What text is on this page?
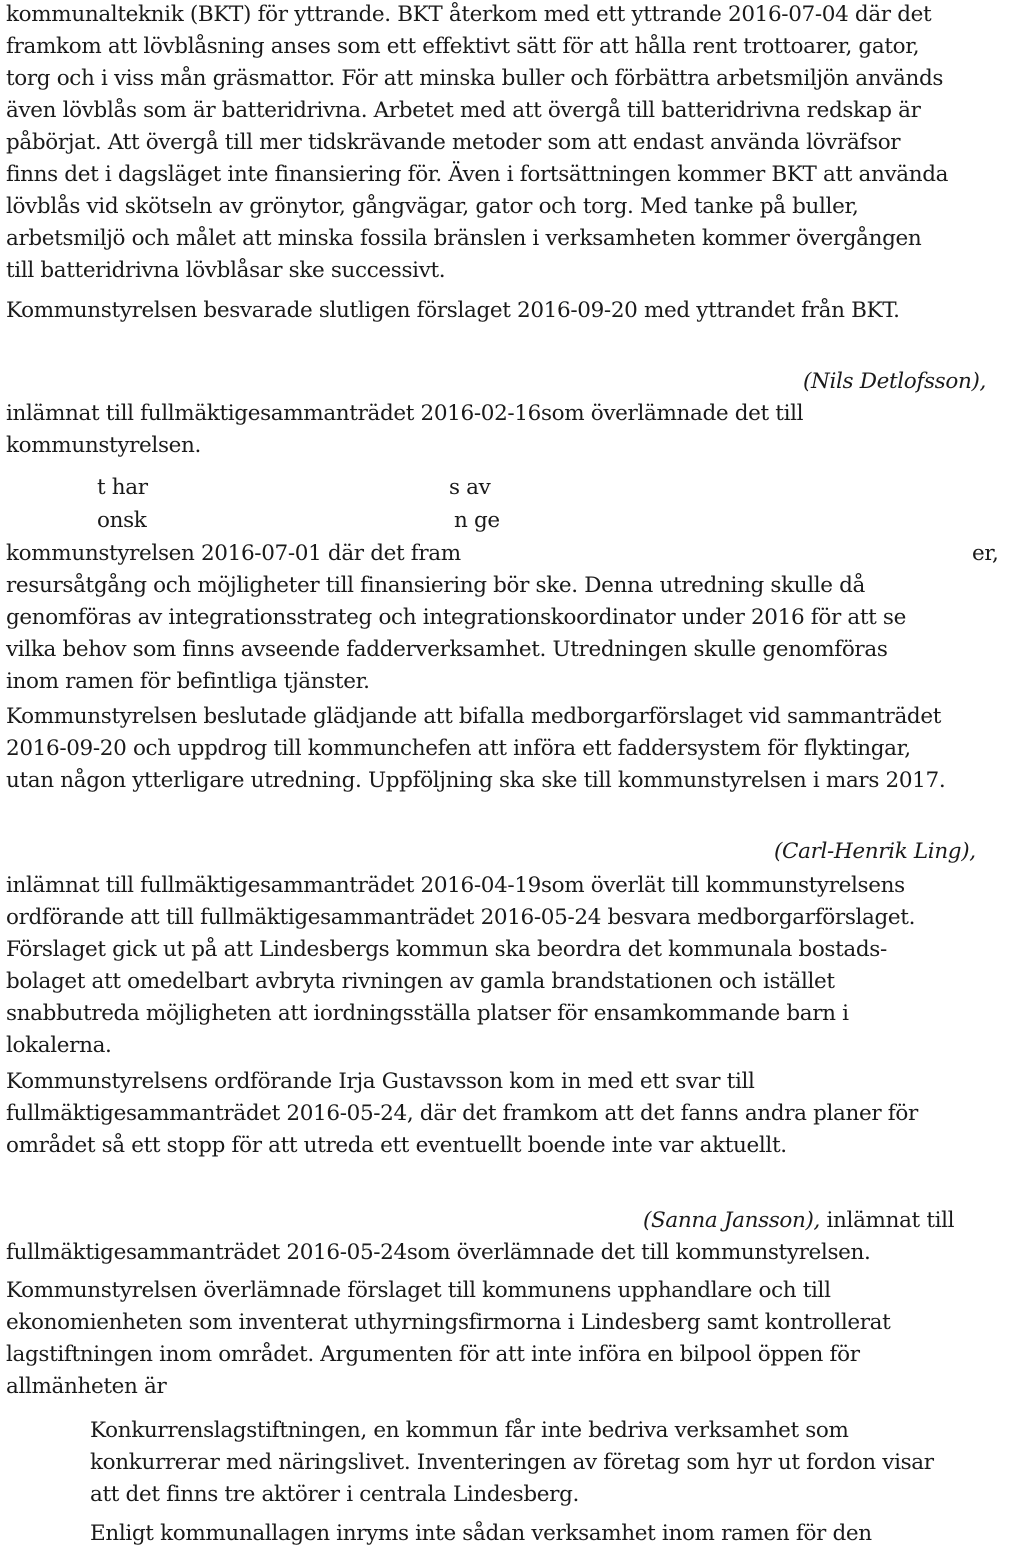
kommunalteknik (BKT) för yttrande. BKT återkom med ett yttrande 2016-07-04 där det
framkom att lövblåsning anses som ett effektivt sätt för att hålla rent trottoarer, gator,
torg och i viss mån gräsmattor. För att minska buller och förbättra arbetsmiljön används
även lövblås som är batteridrivna. Arbetet med att övergå till batteridrivna redskap är
påbörjat. Att övergå till mer tidskrävande metoder som att endast använda lövräfsor
finns det i dagsläget inte finansiering för. Även i fortsättningen kommer BKT att använda
lövblås vid skötseln av grönytor, gångvägar, gator och torg. Med tanke på buller,
arbetsmiljö och målet att minska fossila bränslen i verksamheten kommer övergången
till batteridrivna lövblåsar ske successivt.
Kommunstyrelsen besvarade slutligen förslaget 2016-09-20 med yttrandet från BKT.
(Nils Detlofsson),
inlämnat till fullmäktigesammanträdet 2016-02-16som överlämnade det till
kommunstyrelsen.
t har	s av
onsk	n ge
kommunstyrelsen 2016-07-01 där det fram	er,
resursåtgång och möjligheter till finansiering bör ske. Denna utredning skulle då
genomföras av integrationsstrateg och integrationskoordinator under 2016 för att se
vilka behov som finns avseende fadderverksamhet. Utredningen skulle genomföras
inom ramen för befintliga tjänster.
Kommunstyrelsen beslutade glädjande att bifalla medborgarförslaget vid sammanträdet
2016-09-20 och uppdrog till kommunchefen att införa ett faddersystem för flyktingar,
utan någon ytterligare utredning. Uppföljning ska ske till kommunstyrelsen i mars 2017.
(Carl-Henrik Ling),
inlämnat till fullmäktigesammanträdet 2016-04-19som överlät till kommunstyrelsens
ordförande att till fullmäktigesammanträdet 2016-05-24 besvara medborgarförslaget.
Förslaget gick ut på att Lindesbergs kommun ska beordra det kommunala bostads-
bolaget att omedelbart avbryta rivningen av gamla brandstationen och istället
snabbutreda möjligheten att iordningsställa platser för ensamkommande barn i
lokalerna.
Kommunstyrelsens ordförande Irja Gustavsson kom in med ett svar till
fullmäktigesammanträdet 2016-05-24, där det framkom att det fanns andra planer för
området så ett stopp för att utreda ett eventuellt boende inte var aktuellt.
(Sanna Jansson), inlämnat till
fullmäktigesammanträdet 2016-05-24som överlämnade det till kommunstyrelsen.
Kommunstyrelsen överlämnade förslaget till kommunens upphandlare och till
ekonomienheten som inventerat uthyrningsfirmorna i Lindesberg samt kontrollerat
lagstiftningen inom området. Argumenten för att inte införa en bilpool öppen för
allmänheten är
Konkurrenslagstiftningen, en kommun får inte bedriva verksamhet som
konkurrerar med näringslivet. Inventeringen av företag som hyr ut fordon visar
att det finns tre aktörer i centrala Lindesberg.
Enligt kommunallagen inryms inte sådan verksamhet inom ramen för den
